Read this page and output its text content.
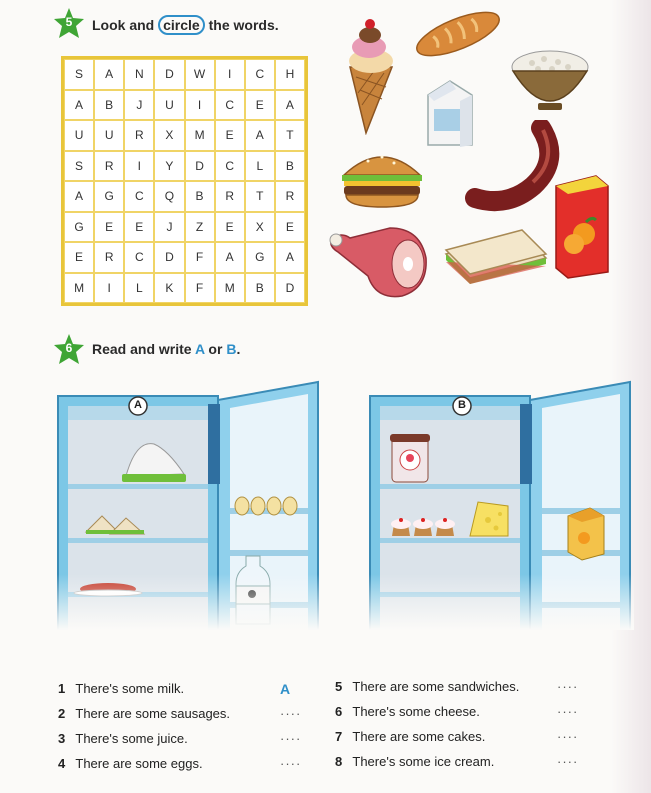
5	Look and circle the words.
S	A	N	D	W	I	C	H
A	B	J	U	I	C	E	A
U	U	R	X	M	E	A	T
S	R	I	Y	D	C	L	B
A	G	C	Q	B	R	T	R
G	E	E	J	Z	E	X	E
E	R	C	D	F	A	G	A
M	I	L	K	F	M	B	D
6	Read and write A or B.
A	B
1 There's some milk.	A
2 There are some sausages.	····
3 There's some juice.	····
4 There are some eggs.	····
5 There are some sandwiches.	····
6 There's some cheese.	····
7 There are some cakes.	····
8 There's some ice cream.	····
